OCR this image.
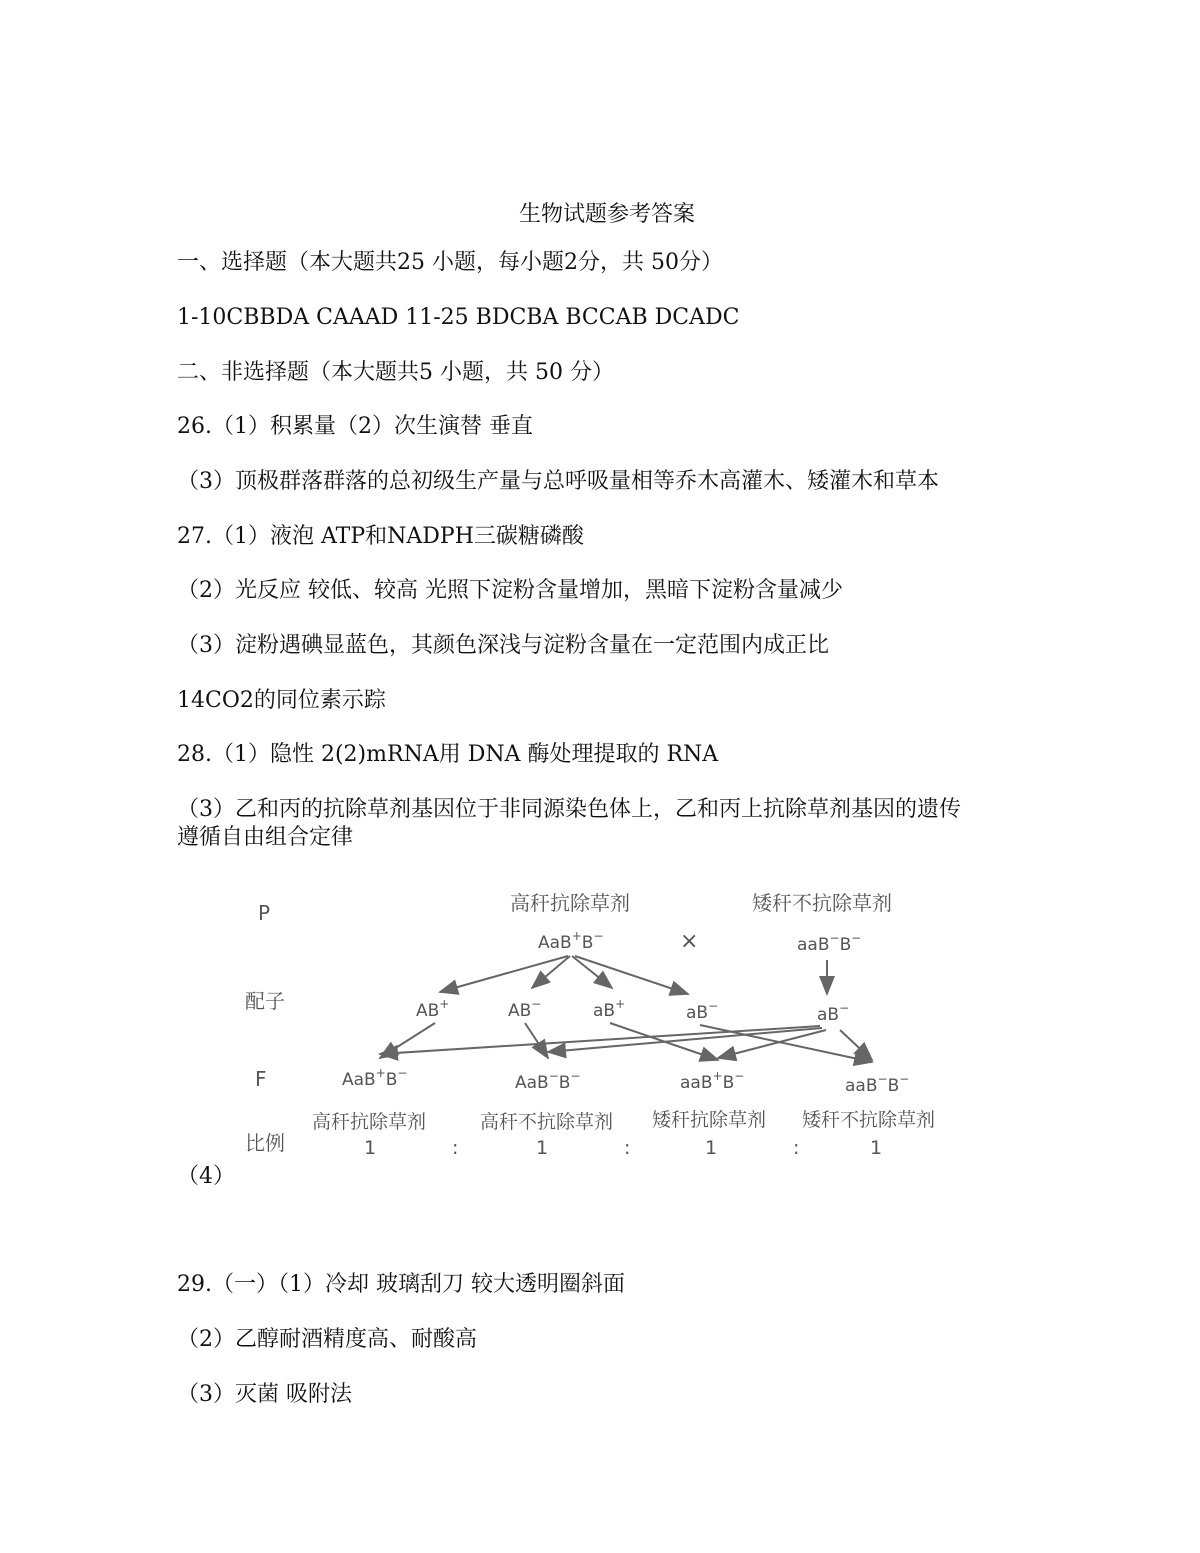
生物试题参考答案
一、选择题（本大题共25 小题，每小题2分，共 50分）
1-10CBBDA CAAAD 11-25 BDCBA BCCAB DCADC
二、非选择题（本大题共5 小题，共 50 分）
26.（1）积累量（2）次生演替 垂直
（3）顶极群落群落的总初级生产量与总呼吸量相等乔木高灌木、矮灌木和草本
27.（1）液泡 ATP和NADPH三碳糖磷酸
（2）光反应 较低、较高 光照下淀粉含量增加，黑暗下淀粉含量减少
（3）淀粉遇碘显蓝色，其颜色深浅与淀粉含量在一定范围内成正比
14CO2的同位素示踪
28.（1）隐性 2(2)mRNA用 DNA 酶处理提取的 RNA
（3）乙和丙的抗除草剂基因位于非同源染色体上，乙和丙上抗除草剂基因的遗传
遵循自由组合定律
P
配子
F
比例
高秆抗除草剂
AaB+B−	×
矮秆不抗除草剂
aaB−B−
AB+	AB−	aB+	aB−	aB−
AaB+B−	AaB−B−	aaB+B−	aaB−B−
高秆抗除草剂	高秆不抗除草剂 矮秆抗除草剂 矮秆不抗除草剂
1	:	1	:	1	:	1
（4）
29.（一）（1）冷却 玻璃刮刀 较大透明圈斜面
（2）乙醇耐酒精度高、耐酸高
（3）灭菌 吸附法
